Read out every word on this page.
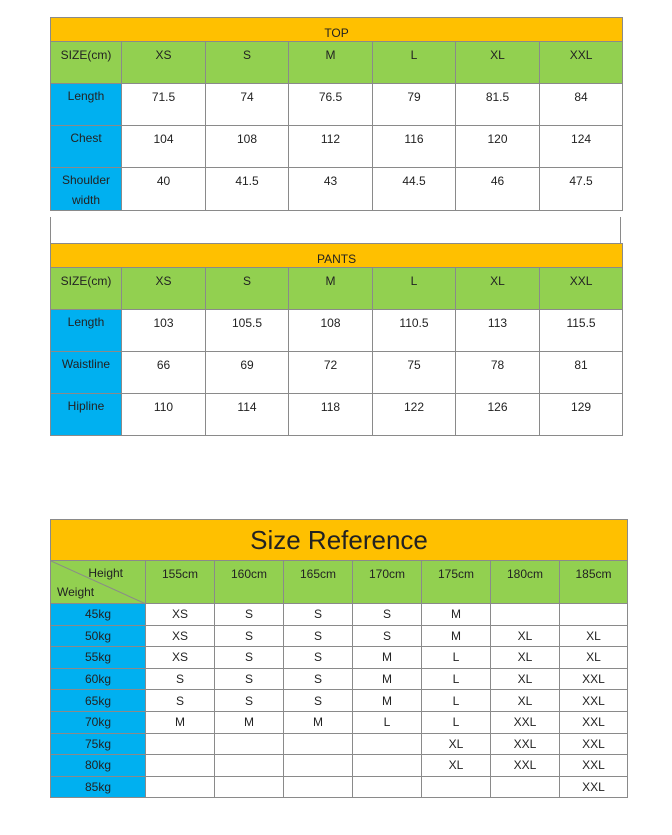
TOP						
SIZE(cm)	XS	S	M	L	XL	XXL
Length	71.5	74	76.5	79	81.5	84
Chest	104	108	112	116	120	124
Shoulder width	40	41.5	43	44.5	46	47.5
PANTS						
SIZE(cm)	XS	S	M	L	XL	XXL
Length	103	105.5	108	110.5	113	115.5
Waistline	66	69	72	75	78	81
Hipline	110	114	118	122	126	129
Size Reference							

Height
Weight	155cm	160cm	165cm	170cm	175cm	180cm	185cm
45kg	XS	S	S	S	M		
50kg	XS	S	S	S	M	XL	XL
55kg	XS	S	S	M	L	XL	XL
60kg	S	S	S	M	L	XL	XXL
65kg	S	S	S	M	L	XL	XXL
70kg	M	M	M	L	L	XXL	XXL
75kg					XL	XXL	XXL
80kg					XL	XXL	XXL
85kg							XXL
